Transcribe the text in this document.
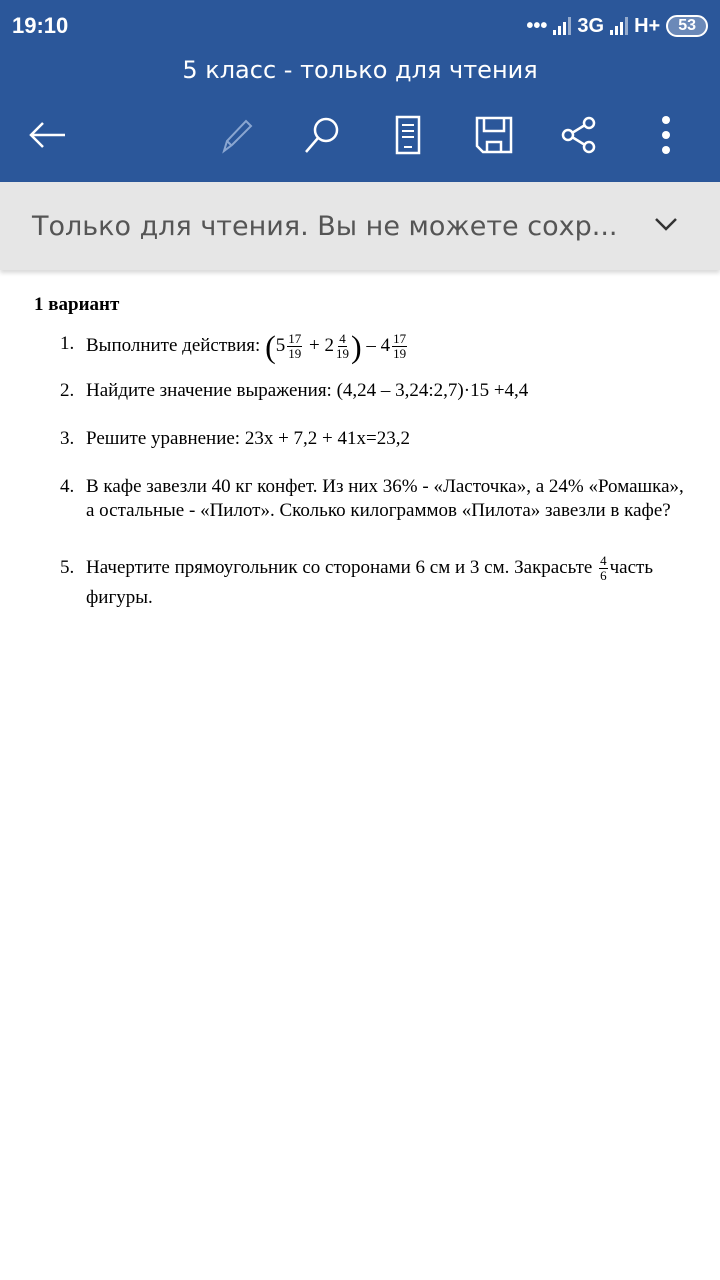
19:10	••• 3G H+	53
5 класс - только для чтения
Только для чтения. Вы не можете сохр...
1 вариант
1. Выполните действия: ($5 \frac{17}{19} + 2 \frac{4}{19}$ ) – $4 \frac{17}{19}$
2. Найдите значение выражения: (4,24 – 3,24:2,7)·15 +4,4
3. Решите уравнение: 23x + 7,2 + 41x=23,2
4. В кафе завезли 40 кг конфет. Из них 36% - «Ласточка», а 24% «Ромашка», а остальные - «Пилот». Сколько килограммов «Пилота» завезли в кафе?
5. Начертите прямоугольник со сторонами 6 см и 3 см. Закрасьте $\frac{4}{6}$ часть фигуры.
